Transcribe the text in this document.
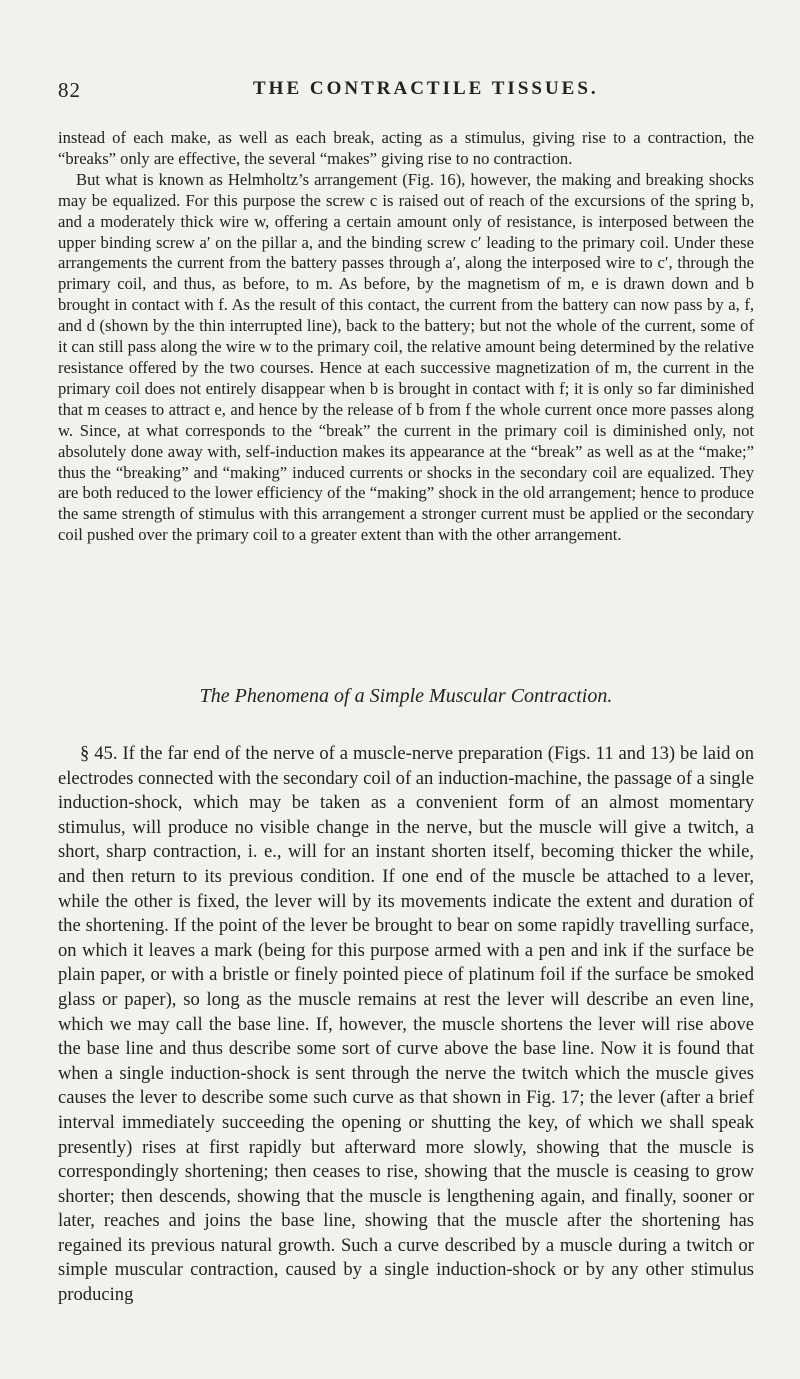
82	THE CONTRACTILE TISSUES.

instead of each make, as well as each break, acting as a stimulus, giving rise to a contraction, the “breaks” only are effective, the several “makes” giving rise to no contraction.

But what is known as Helmholtz’s arrangement (Fig. 16), however, the making and breaking shocks may be equalized. For this purpose the screw c is raised out of reach of the excursions of the spring b, and a moderately thick wire w, offering a certain amount only of resistance, is interposed between the upper binding screw a′ on the pillar a, and the binding screw c′ leading to the primary coil. Under these arrangements the current from the battery passes through a′, along the interposed wire to c′, through the primary coil, and thus, as before, to m. As before, by the magnetism of m, e is drawn down and b brought in contact with f. As the result of this contact, the current from the battery can now pass by a, f, and d (shown by the thin interrupted line), back to the battery; but not the whole of the current, some of it can still pass along the wire w to the primary coil, the relative amount being determined by the relative resistance offered by the two courses. Hence at each successive magnetization of m, the current in the primary coil does not entirely disappear when b is brought in contact with f; it is only so far diminished that m ceases to attract e, and hence by the release of b from f the whole current once more passes along w. Since, at what corresponds to the “break” the current in the primary coil is diminished only, not absolutely done away with, self-induction makes its appearance at the “break” as well as at the “make;” thus the “breaking” and “making” induced currents or shocks in the secondary coil are equalized. They are both reduced to the lower efficiency of the “making” shock in the old arrangement; hence to produce the same strength of stimulus with this arrangement a stronger current must be applied or the secondary coil pushed over the primary coil to a greater extent than with the other arrangement.

The Phenomena of a Simple Muscular Contraction.

§ 45. If the far end of the nerve of a muscle-nerve preparation (Figs. 11 and 13) be laid on electrodes connected with the secondary coil of an induction-machine, the passage of a single induction-shock, which may be taken as a convenient form of an almost momentary stimulus, will produce no visible change in the nerve, but the muscle will give a twitch, a short, sharp contraction, i. e., will for an instant shorten itself, becoming thicker the while, and then return to its previous condition. If one end of the muscle be attached to a lever, while the other is fixed, the lever will by its movements indicate the extent and duration of the shortening. If the point of the lever be brought to bear on some rapidly travelling surface, on which it leaves a mark (being for this purpose armed with a pen and ink if the surface be plain paper, or with a bristle or finely pointed piece of platinum foil if the surface be smoked glass or paper), so long as the muscle remains at rest the lever will describe an even line, which we may call the base line. If, however, the muscle shortens the lever will rise above the base line and thus describe some sort of curve above the base line. Now it is found that when a single induction-shock is sent through the nerve the twitch which the muscle gives causes the lever to describe some such curve as that shown in Fig. 17; the lever (after a brief interval immediately succeeding the opening or shutting the key, of which we shall speak presently) rises at first rapidly but afterward more slowly, showing that the muscle is correspondingly shortening; then ceases to rise, showing that the muscle is ceasing to grow shorter; then descends, showing that the muscle is lengthening again, and finally, sooner or later, reaches and joins the base line, showing that the muscle after the shortening has regained its previous natural growth. Such a curve described by a muscle during a twitch or simple muscular contraction, caused by a single induction-shock or by any other stimulus producing
